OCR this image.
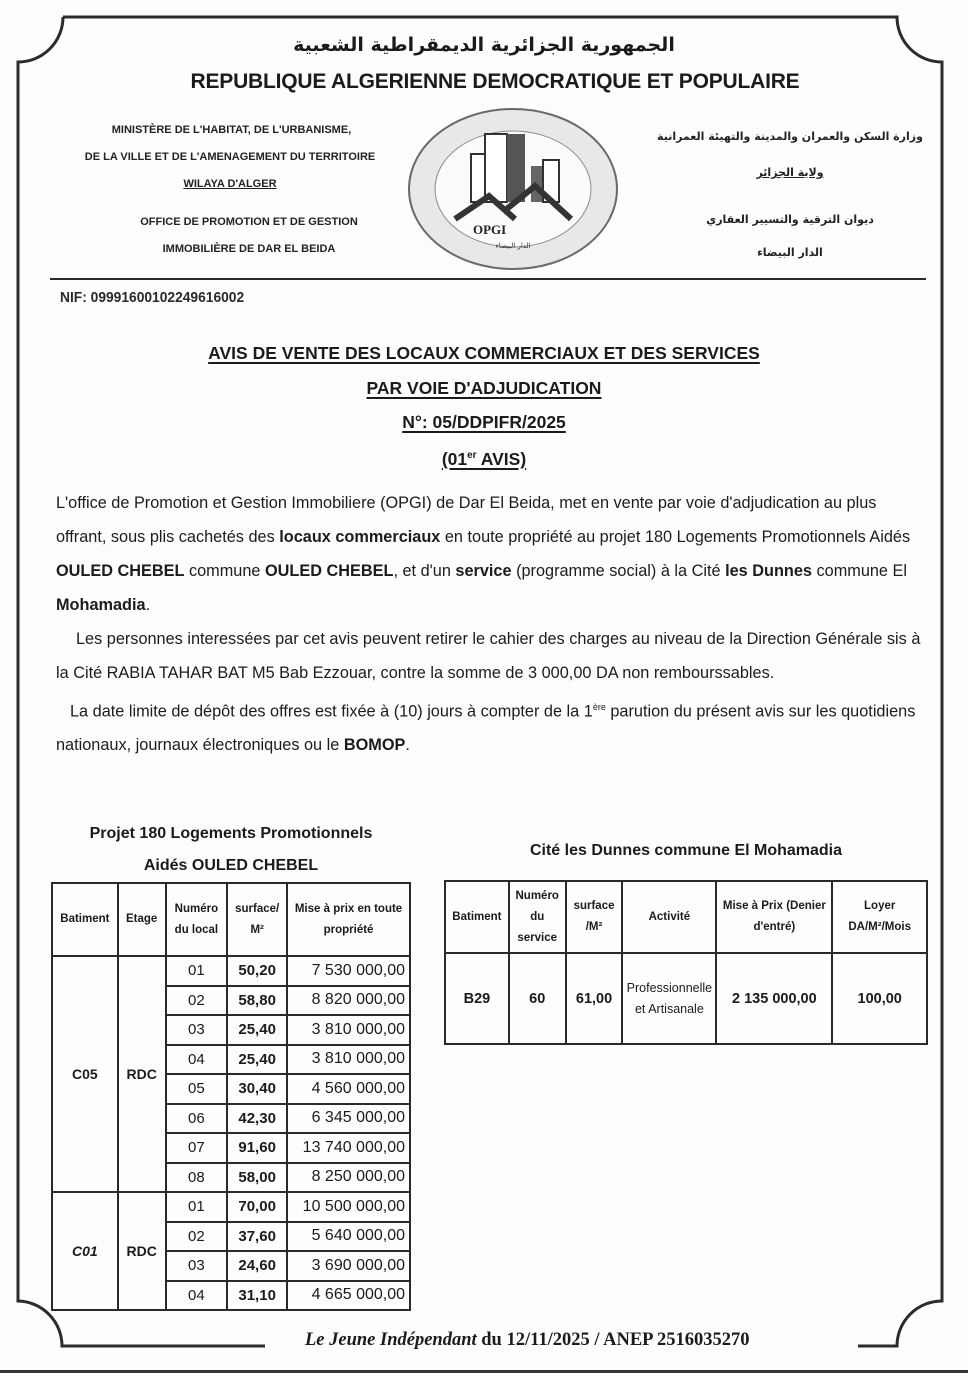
الجمهورية الجزائرية الديمقراطية الشعبية
REPUBLIQUE ALGERIENNE DEMOCRATIQUE ET POPULAIRE
MINISTÈRE DE L'HABITAT, DE L'URBANISME,
DE LA VILLE ET DE L'AMENAGEMENT DU TERRITOIRE
WILAYA D'ALGER
OFFICE DE PROMOTION ET DE GESTION
IMMOBILIÈRE DE DAR EL BEIDA
OPGI
الدار البيضاء
وزارة السكن والعمران والمدينة والتهيئة العمرانية
ولاية الجزائر
ديوان الترقية والتسيير العقاري
الدار البيضاء
NIF: 099916001022496160​02
AVIS DE VENTE DES LOCAUX COMMERCIAUX ET DES SERVICES
PAR VOIE D'ADJUDICATION
N°: 05/DDPIFR/2025
(01er AVIS)

L'office de Promotion et Gestion Immobiliere (OPGI) de Dar El Beida, met en vente par voie d'adjudication au plus offrant, sous plis cachetés des locaux commerciaux en toute propriété au projet 180 Logements Promotionnels Aidés OULED CHEBEL commune OULED CHEBEL, et d'un service (programme social) à la Cité les Dunnes commune El Mohamadia.

Les personnes interessées par cet avis peuvent retirer le cahier des charges au niveau de la Direction Générale sis à la Cité RABIA TAHAR BAT M5 Bab Ezzouar, contre la somme de 3 000,00 DA non rembourssables.

La date limite de dépôt des offres est fixée à (10) jours à compter de la 1ère parution du présent avis sur les quotidiens nationaux, journaux électroniques ou le BOMOP.

Projet 180 Logements Promotionnels
Aidés OULED CHEBEL
Batiment	Etage	Numéro du local	surface/ M²	Mise à prix en toute propriété
C05	RDC	01	50,20	7 530 000,00
		02	58,80	8 820 000,00
		03	25,40	3 810 000,00
		04	25,40	3 810 000,00
		05	30,40	4 560 000,00
		06	42,30	6 345 000,00
		07	91,60	13 740 000,00
		08	58,00	8 250 000,00
C01	RDC	01	70,00	10 500 000,00
		02	37,60	5 640 000,00
		03	24,60	3 690 000,00
		04	31,10	4 665 000,00
Cité les Dunnes commune El Mohamadia
Batiment	Numéro du service	surface /M²	Activité	Mise à Prix (Denier d'entré)	Loyer DA/M²/Mois
B29	60	61,00	Professionnelle et Artisanale	2 135 000,00	100,00
Le Jeune Indépendant du 12/11/2025 / ANEP 2516035270
